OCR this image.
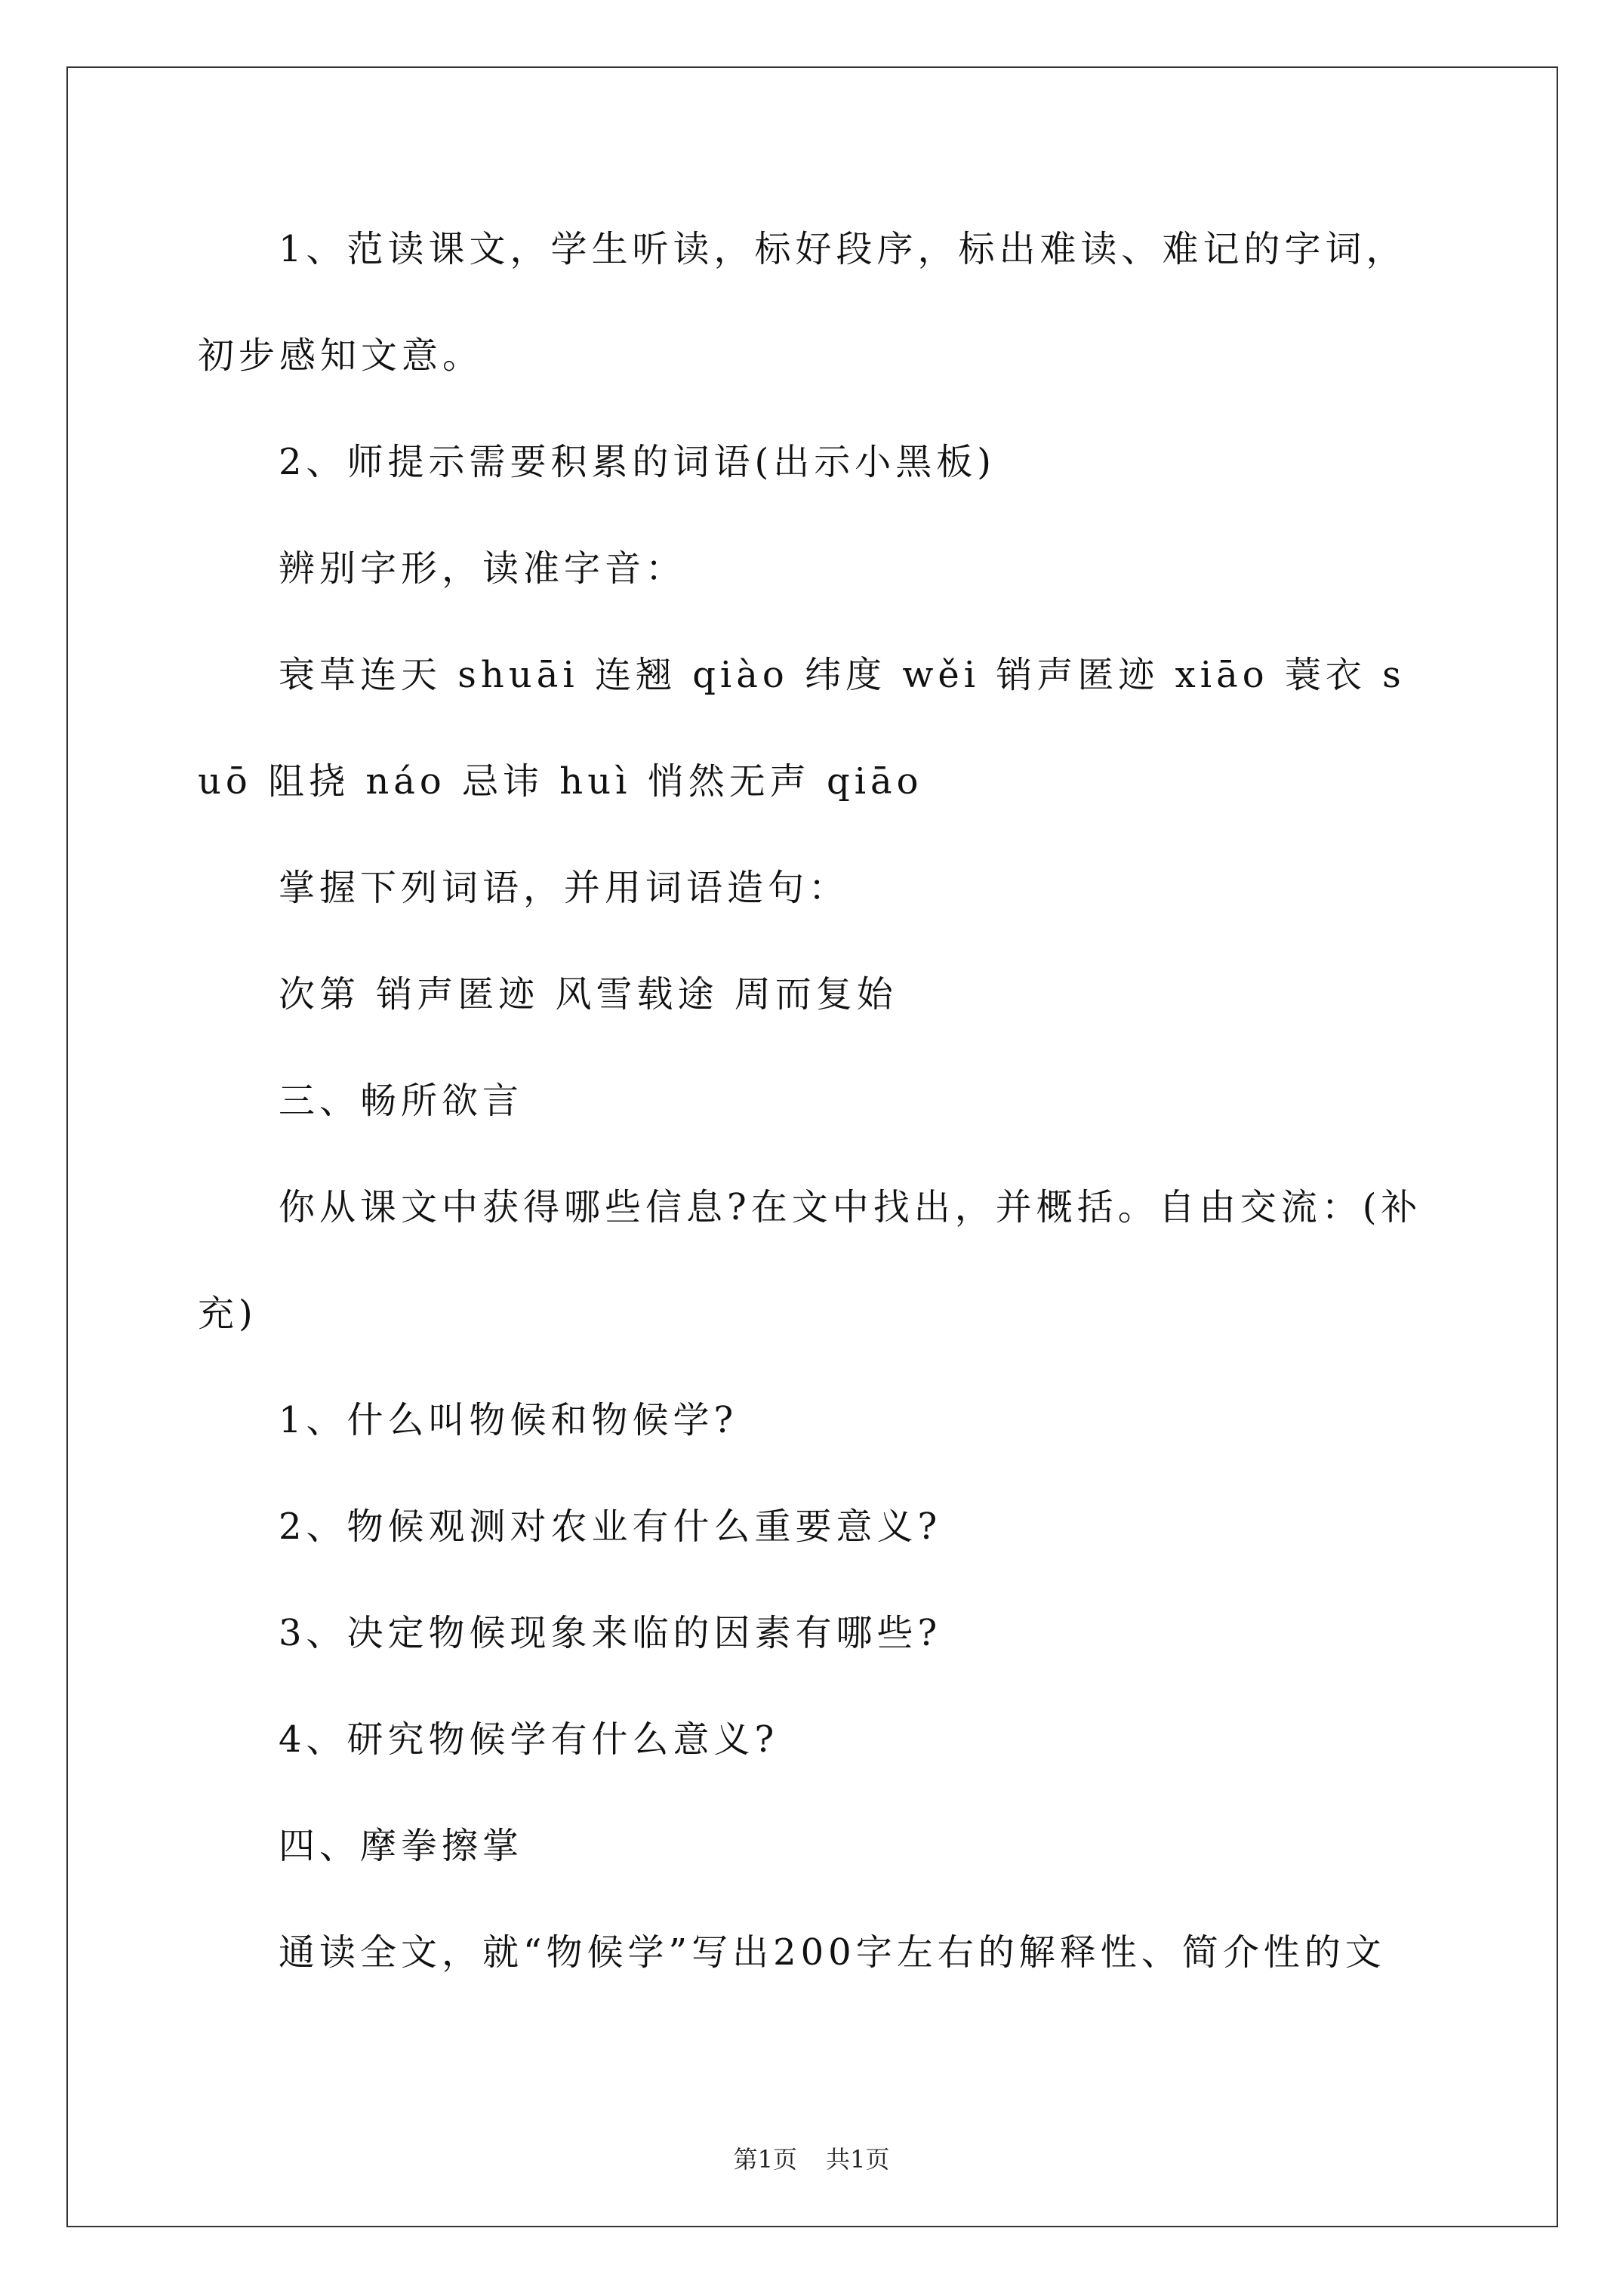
1、范读课文，学生听读，标好段序，标出难读、难记的字词，初步感知文意。

2、师提示需要积累的词语(出示小黑板)

辨别字形，读准字音：

衰草连天 shuāi 连翘 qiào 纬度 wěi 销声匿迹 xiāo 蓑衣 suō 阻挠 náo 忌讳 huì 悄然无声 qiāo

掌握下列词语，并用词语造句：

次第 销声匿迹 风雪载途 周而复始

三、畅所欲言

你从课文中获得哪些信息?在文中找出，并概括。自由交流：(补充)

1、什么叫物候和物候学?

2、物候观测对农业有什么重要意义?

3、决定物候现象来临的因素有哪些?

4、研究物候学有什么意义?

四、摩拳擦掌

通读全文，就“物候学”写出200字左右的解释性、简介性的文

第1页 共1页
